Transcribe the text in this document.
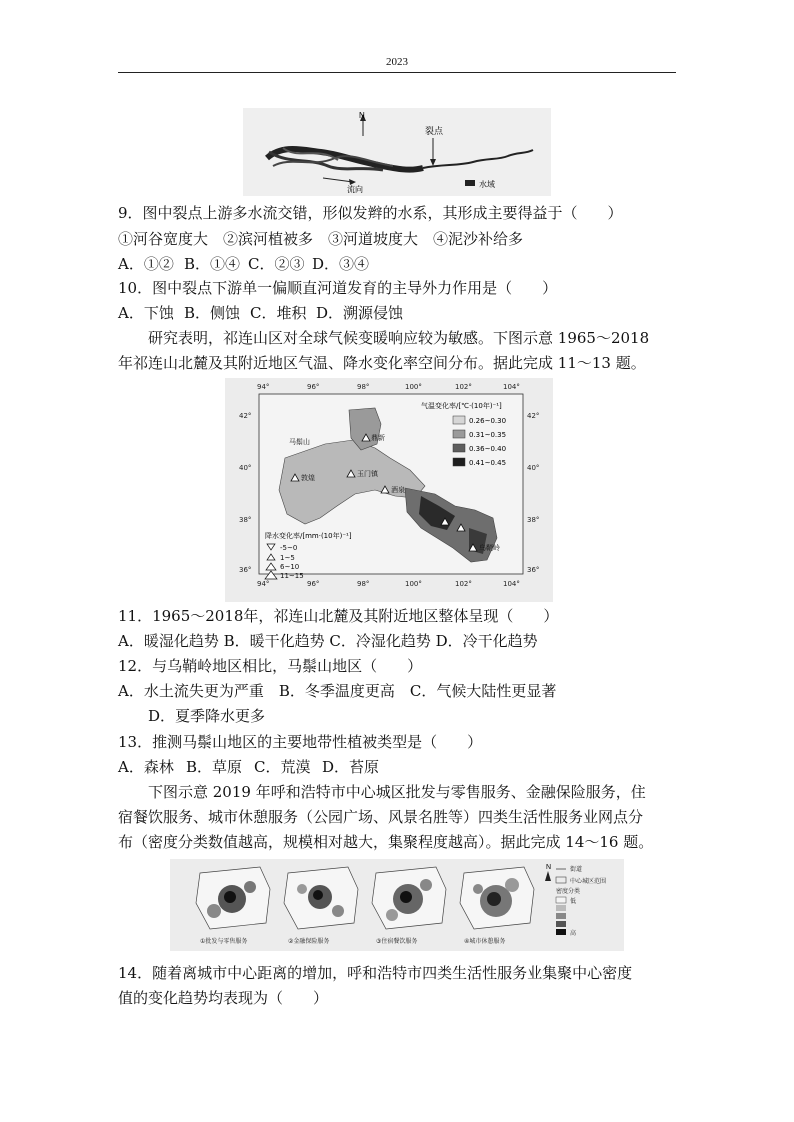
2023
N
裂点
流向
水域
9．图中裂点上游多水流交错，形似发辫的水系，其形成主要得益于（　　）
①河谷宽度大　②滨河植被多　③河道坡度大　④泥沙补给多
A．①② B．①④ C．②③ D．③④
10．图中裂点下游单一偏顺直河道发育的主导外力作用是（　　）
A．下蚀 B．侧蚀 C．堆积 D．溯源侵蚀
研究表明，祁连山区对全球气候变暖响应较为敏感。下图示意 1965～2018
年祁连山北麓及其附近地区气温、降水变化率空间分布。据此完成 11～13 题。
94°	96°	98°	100°	102°	104°
94°	96°	98°	100°	102°	104°
42°
40°
38°
36°
42°
40°
38°
36°
鼎新
敦煌	玉门镇
酒泉
马鬃山
乌鞘岭
气温变化率/[℃·(10年)⁻¹]
0.26~0.30
0.31~0.35
0.36~0.40
0.41~0.45
降水变化率/[mm·(10年)⁻¹]
-5~0
1~5
6~10
11~15
11．1965～2018年，祁连山北麓及其附近地区整体呈现（　　）
A．暖湿化趋势 B．暖干化趋势 C．冷湿化趋势 D．冷干化趋势
12．与乌鞘岭地区相比，马鬃山地区（　　）
A．水土流失更为严重　B．冬季温度更高　C．气候大陆性更显著
D．夏季降水更多
13．推测马鬃山地区的主要地带性植被类型是（　　）
A．森林 B．草原 C．荒漠 D．苔原
下图示意 2019 年呼和浩特市中心城区批发与零售服务、金融保险服务，住
宿餐饮服务、城市休憩服务（公园广场、风景名胜等）四类生活性服务业网点分
布（密度分类数值越高，规模相对越大，集聚程度越高）。据此完成 14～16 题。
①批发与零售服务	②金融保险服务	③住宿餐饮服务	④城市休憩服务
N	街道
中心城区范围
密度分类
低
高
14．随着离城市中心距离的增加，呼和浩特市四类生活性服务业集聚中心密度
值的变化趋势均表现为（　　）
